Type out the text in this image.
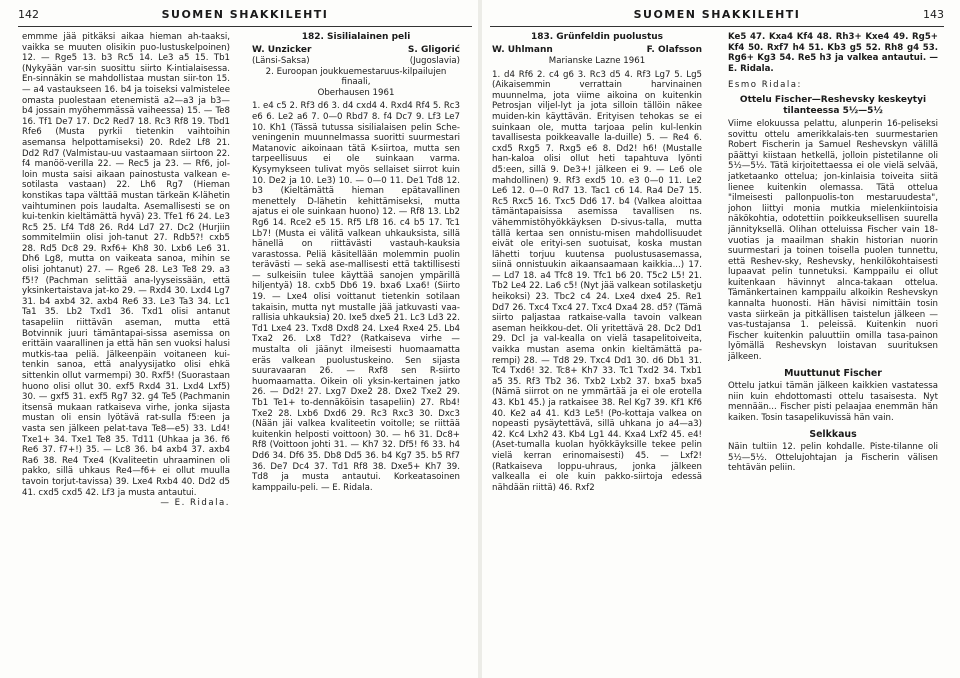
142	SUOMEN SHAKKILEHTI

emmme jää pitkäksi aikaa hieman ah-taaksi, vaikka se muuten olisikin puo-lustuskelpoinen) 12. — Rge5 13. b3 Rc5 14. Le3 a5 15. Tb1 (Nykyään var-sin suosittu siirto K-intialaisessa. En-sinnäkin se mahdollistaa mustan siir-ton 15. — a4 vastaukseen 16. b4 ja toiseksi valmistelee omasta puolestaan etenemistä a2—a3 ja b3—b4 jossain myöhemmässä vaiheessa) 15. — Te8 16. Tf1 De7 17. Dc2 Red7 18. Rc3 Rf8 19. Tbd1 Rfe6 (Musta pyrkii tietenkin vaihtoihin asemansa helpottamiseksi) 20. Rde2 Lf8 21. Dd2 Rd7 (Valmistau-uu vastaamaan siirtoon 22. f4 manöö-verilla 22. — Rec5 ja 23. — Rf6, jol-loin musta saisi aikaan painostusta valkean e-sotilasta vastaan) 22. Lh6 Rg7 (Hieman konstikas tapa välttää mustan tärkeän K-lähetin vaihtuminen pois laudalta. Asemallisesti se on kui-tenkin kieltämättä hyvä) 23. Tfe1 f6 24. Le3 Rc5 25. Lf4 Td8 26. Rd4 Ld7 27. Dc2 (Hurjiin sommitelmiin olisi joh-tanut 27. Rdb5?! cxb5 28. Rd5 Dc8 29. Rxf6+ Kh8 30. Lxb6 Le6 31. Dh6 Lg8, mutta on vaikeata sanoa, mihin se olisi johtanut) 27. — Rge6 28. Le3 Te8 29. a3 f5!? (Pachman selittää ana-lyyseissään, että yksinkertaistava jat-ko 29. — Rxd4 30. Lxd4 Lg7 31. b4 axb4 32. axb4 Re6 33. Le3 Ta3 34. Lc1 Ta1 35. Lb2 Txd1 36. Txd1 olisi antanut tasapeliin riittävän aseman, mutta että Botvinnik juuri tämäntapai-sissa asemissa on erittäin vaarallinen ja että hän sen vuoksi halusi mutkis-taa peliä. Jälkeenpäin voitaneen kui-tenkin sanoa, että analyysijatko olisi ehkä sittenkin ollut varmempi) 30. Rxf5! (Suorastaan huono olisi ollut 30. exf5 Rxd4 31. Lxd4 Lxf5) 30. — gxf5 31. exf5 Rg7 32. g4 Te5 (Pachmanin itsensä mukaan ratkaiseva virhe, jonka sijasta mustan oli ensin lyötävä rat-sulla f5:een ja vasta sen jälkeen pelat-tava Te8—e5) 33. Ld4! Txe1+ 34. Txe1 Te8 35. Td11 (Uhkaa ja 36. f6 Re6 37. f7+!) 35. — Lc8 36. b4 axb4 37. axb4 Ra6 38. Re4 Txe4 (Kvaliteetin uhraaminen oli pakko, sillä uhkaus Re4—f6+ ei ollut muulla tavoin torjut-tavissa) 39. Lxe4 Rxb4 40. Dd2 d5 41. cxd5 cxd5 42. Lf3 ja musta antautui.

— E. Ridala.

182. Sisilialainen peli
W. Unzicker	S. Gligorić
(Länsi-Saksa)	(Jugoslavia)

2. Euroopan joukkuemestaruus-kilpailujen finaali,

Oberhausen 1961

1. e4 c5 2. Rf3 d6 3. d4 cxd4 4. Rxd4 Rf4 5. Rc3 e6 6. Le2 a6 7. 0—0 Rbd7 8. f4 Dc7 9. Lf3 Le7 10. Kh1 (Tässä tutussa sisilialaisen pelin Sche-veningenin muunnelmassa suoritti suurmestari Matanovic aikoinaan tätä K-siirtoa, mutta sen tarpeellisuus ei ole suinkaan varma. Kysymykseen tulivat myös sellaiset siirrot kuin 10. De2 ja 10. Le3) 10. — 0—0 11. De1 Td8 12. b3 (Kieltämättä hieman epätavallinen menettely D-lähetin kehittämiseksi, mutta ajatus ei ole suinkaan huono) 12. — Rf8 13. Lb2 Rg6 14. Rce2 e5 15. Rf5 Lf8 16. c4 b5 17. Tc1 Lb7! (Musta ei välitä valkean uhkauksista, sillä hänellä on riittävästi vastauh-kauksia varastossa. Peliä käsitellään molemmin puolin terävästi — sekä ase-mallisesti että taktillisesti — sulkeisiin tulee käyttää sanojen ympärillä hiljentyä) 18. cxb5 Db6 19. bxa6 Lxa6! (Siirto 19. — Lxe4 olisi voittanut tietenkin sotilaan takaisin, mutta nyt mustalle jää jatkuvasti vaa-rallisia uhkauksia) 20. Ixe5 dxe5 21. Lc3 Ld3 22. Td1 Lxe4 23. Txd8 Dxd8 24. Lxe4 Rxe4 25. Lb4 Txa2 26. Lx8 Td2? (Ratkaiseva virhe — mustalta oli jäänyt ilmeisesti huomaamatta eräs valkean puolustuskeino. Sen sijasta suuravaaran 26. — Rxf8 sen R-siirto huomaamatta. Oikein oli yksin-kertainen jatko 26. — Dd2! 27. Lxg7 Dxe2 28. Dxe2 Txe2 29. Tb1 Te1+ to-dennäköisin tasapeliin) 27. Rb4! Txe2 28. Lxb6 Dxd6 29. Rc3 Rxc3 30. Dxc3 (Nään jäi valkea kvaliteetin voitolle; se riittää kuitenkin helposti voittoon) 30. — h6 31. Dc8+ Rf8 (Voittoon johti 31. — Kh7 32. Df5! f6 33. h4 Dd6 34. Df6 35. Db8 Dd5 36. b4 Kg7 35. b5 Rf7 36. De7 Dc4 37. Td1 Rf8 38. Dxe5+ Kh7 39. Td8 ja musta antautui. Korkeatasoinen kamppailu-peli. — E. Ridala.

SUOMEN SHAKKILEHTI	143
183. Grünfeldin puolustus
W. Uhlmann	F. Olafsson

Marianske Lazne 1961

1. d4 Rf6 2. c4 g6 3. Rc3 d5 4. Rf3 Lg7 5. Lg5 (Aikaisemmin verrattain harvinainen muunnelma, jota viime aikoina on kuitenkin Petrosjan viljel-lyt ja jota silloin tällöin näkee muiden-kin käyttävän. Erityisen tehokas se ei suinkaan ole, mutta tarjoaa pelin kul-lenkin tavallisesta poikkeavalle la-duille) 5. — Re4 6. cxd5 Rxg5 7. Rxg5 e6 8. Dd2! h6! (Mustalle han-kaloa olisi ollut heti tapahtuva lyönti d5:een, sillä 9. De3+! jälkeen ei 9. — Le6 ole mahdollinen) 9. Rf3 exd5 10. e3 0—0 11. Le2 Le6 12. 0—0 Rd7 13. Tac1 c6 14. Ra4 De7 15. Rc5 Rxc5 16. Txc5 Dd6 17. b4 (Valkea aloittaa tämäntapaisissa asemissa tavallisen ns. vähemmistöhyökkäyksen D-sivus-talla, mutta tällä kertaa sen onnistu-misen mahdollisuudet eivät ole erityi-sen suotuisat, koska mustan lähetti torjuu kuutensa puolustusasemassa, siinä onnistuukin aikaansaamaan kaikkia...) 17. — Ld7 18. a4 Tfc8 19. Tfc1 b6 20. T5c2 L5! 21. Tb2 Le4 22. La6 c5! (Nyt jää valkean sotilasketju heikoksi) 23. Tbc2 c4 24. Lxe4 dxe4 25. Re1 Dd7 26. Txc4 Txc4 27. Txc4 Dxa4 28. d5? (Tämä siirto paljastaa ratkaise-valla tavoin valkean aseman heikkou-det. Oli yritettävä 28. Dc2 Dd1 29. Dcl ja val-kealla on vielä tasapelitoiveita, vaikka mustan asema onkin kieltämättä pa-rempi) 28. — Td8 29. Txc4 Dd1 30. d6 Db1 31. Tc4 Txd6! 32. Tc8+ Kh7 33. Tc1 Txd2 34. Txb1 a5 35. Rf3 Tb2 36. Txb2 Lxb2 37. bxa5 bxa5 (Nämä siirrot on ne ymmärtää ja ei ole erotella 43. Kb1 45.) ja ratkaisee 38. Rel Kg7 39. Kf1 Kf6 40. Ke2 a4 41. Kd3 Le5! (Po-kottaja valkea on nopeasti pysäytettävä, sillä uhkana jo a4—a3) 42. Kc4 Lxh2 43. Kb4 Lg1 44. Kxa4 Lxf2 45. e4! (Aset-tumalla kuolan hyökkäyksille tekee pelin vielä kerran erinomaisesti) 45. — Lxf2! (Ratkaiseva loppu-uhraus, jonka jälkeen valkealla ei ole kuin pakko-siirtoja edessä nähdään riittä) 46. Rxf2

Ke5 47. Kxa4 Kf4 48. Rh3+ Kxe4 49. Rg5+ Kf4 50. Rxf7 h4 51. Kb3 g5 52. Rh8 g4 53. Rg6+ Kg3 54. Re5 h3 ja valkea antautui. — E. Ridala.

Esmo Ridala:

Ottelu Fischer—Reshevsky keskeytyi tilanteessa 5½—5½

Viime elokuussa pelattu, alunperin 16-peliseksi sovittu ottelu amerikkalais-ten suurmestarien Robert Fischerin ja Samuel Reshevskyn välillä päättyi kiistaan hetkellä, jolloin pistetilanne oli 5½—5½. Tätä kirjoitettaessa ei ole vielä selvää, jatketaanko ottelua; jon-kinlaisia toiveita siitä lienee kuitenkin olemassa. Tätä ottelua "ilmeisesti pallonpuolis-ton mestaruudesta", johon liittyi monia mutkia mielenkiintoisia näkökohtia, odotettiin poikkeuksellisen suurella jännityksellä. Olihan otteluissa Fischer vain 18-vuotias ja maailman shakin historian nuorin suurmestari ja toinen toisella puolen tunnettu, että Reshev-sky, Reshevsky, henkilökohtaisesti lupaavat pelin tunnetuksi. Kamppailu ei ollut kuitenkaan hävinnyt alnca-takaan ottelua. Tämänkertainen kamppailu alkoikin Reshevskyn kannalta huonosti. Hän hävisi nimittäin tosin vasta siirkeän ja pitkällisen taistelun jälkeen — vas-tustajansa 1. peleissä. Kuitenkin nuori Fischer kuitenkin paluuttiin omilla tasa-painon lyömällä Reshevskyn loistavan suurituksen jälkeen.

Muuttunut Fischer

Ottelu jatkui tämän jälkeen kaikkien vastatessa niin kuin ehdottomasti ottelu tasaisesta. Nyt mennään... Fischer pisti pelaajaa enemmän hän kaiken. Tosin tasapelikuvissä hän vain.

Selkkaus

Näin tultiin 12. pelin kohdalle. Piste-tilanne oli 5½—5½. Ottelujohtajan ja Fischerin välisen tehtävän peliin.
